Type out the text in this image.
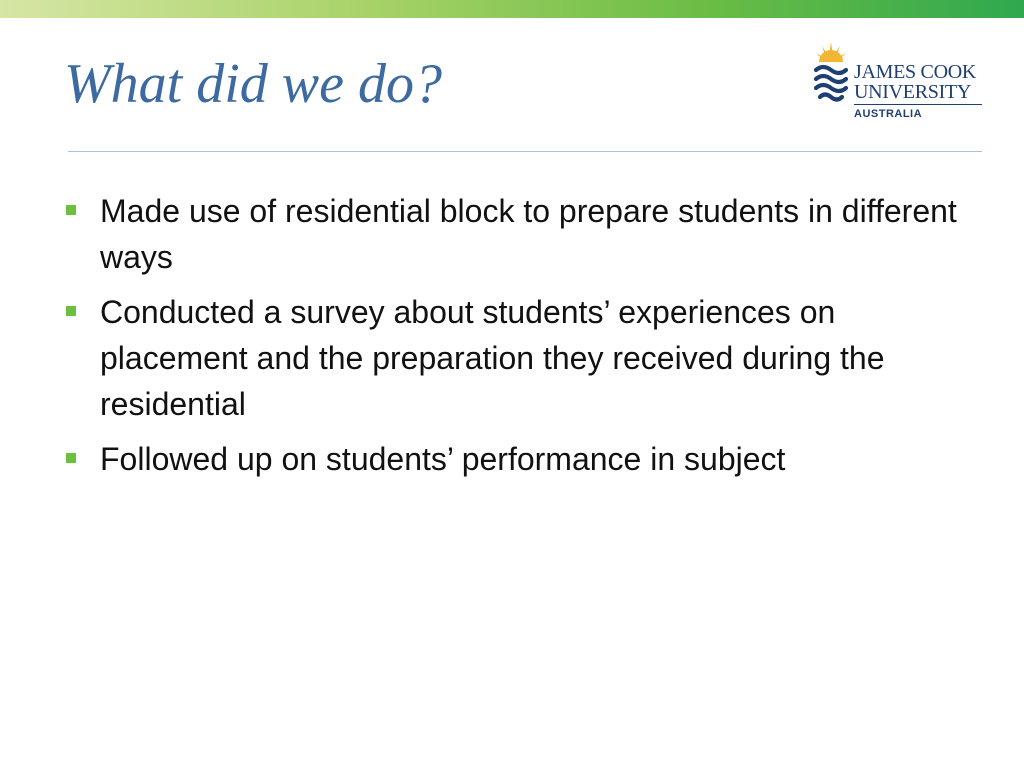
What did we do?	JAMES COOK
UNIVERSITY
AUSTRALIA
Made use of residential block to prepare students in different ways
Conducted a survey about students’ experiences on placement and the preparation they received during the residential
Followed up on students’ performance in subject
